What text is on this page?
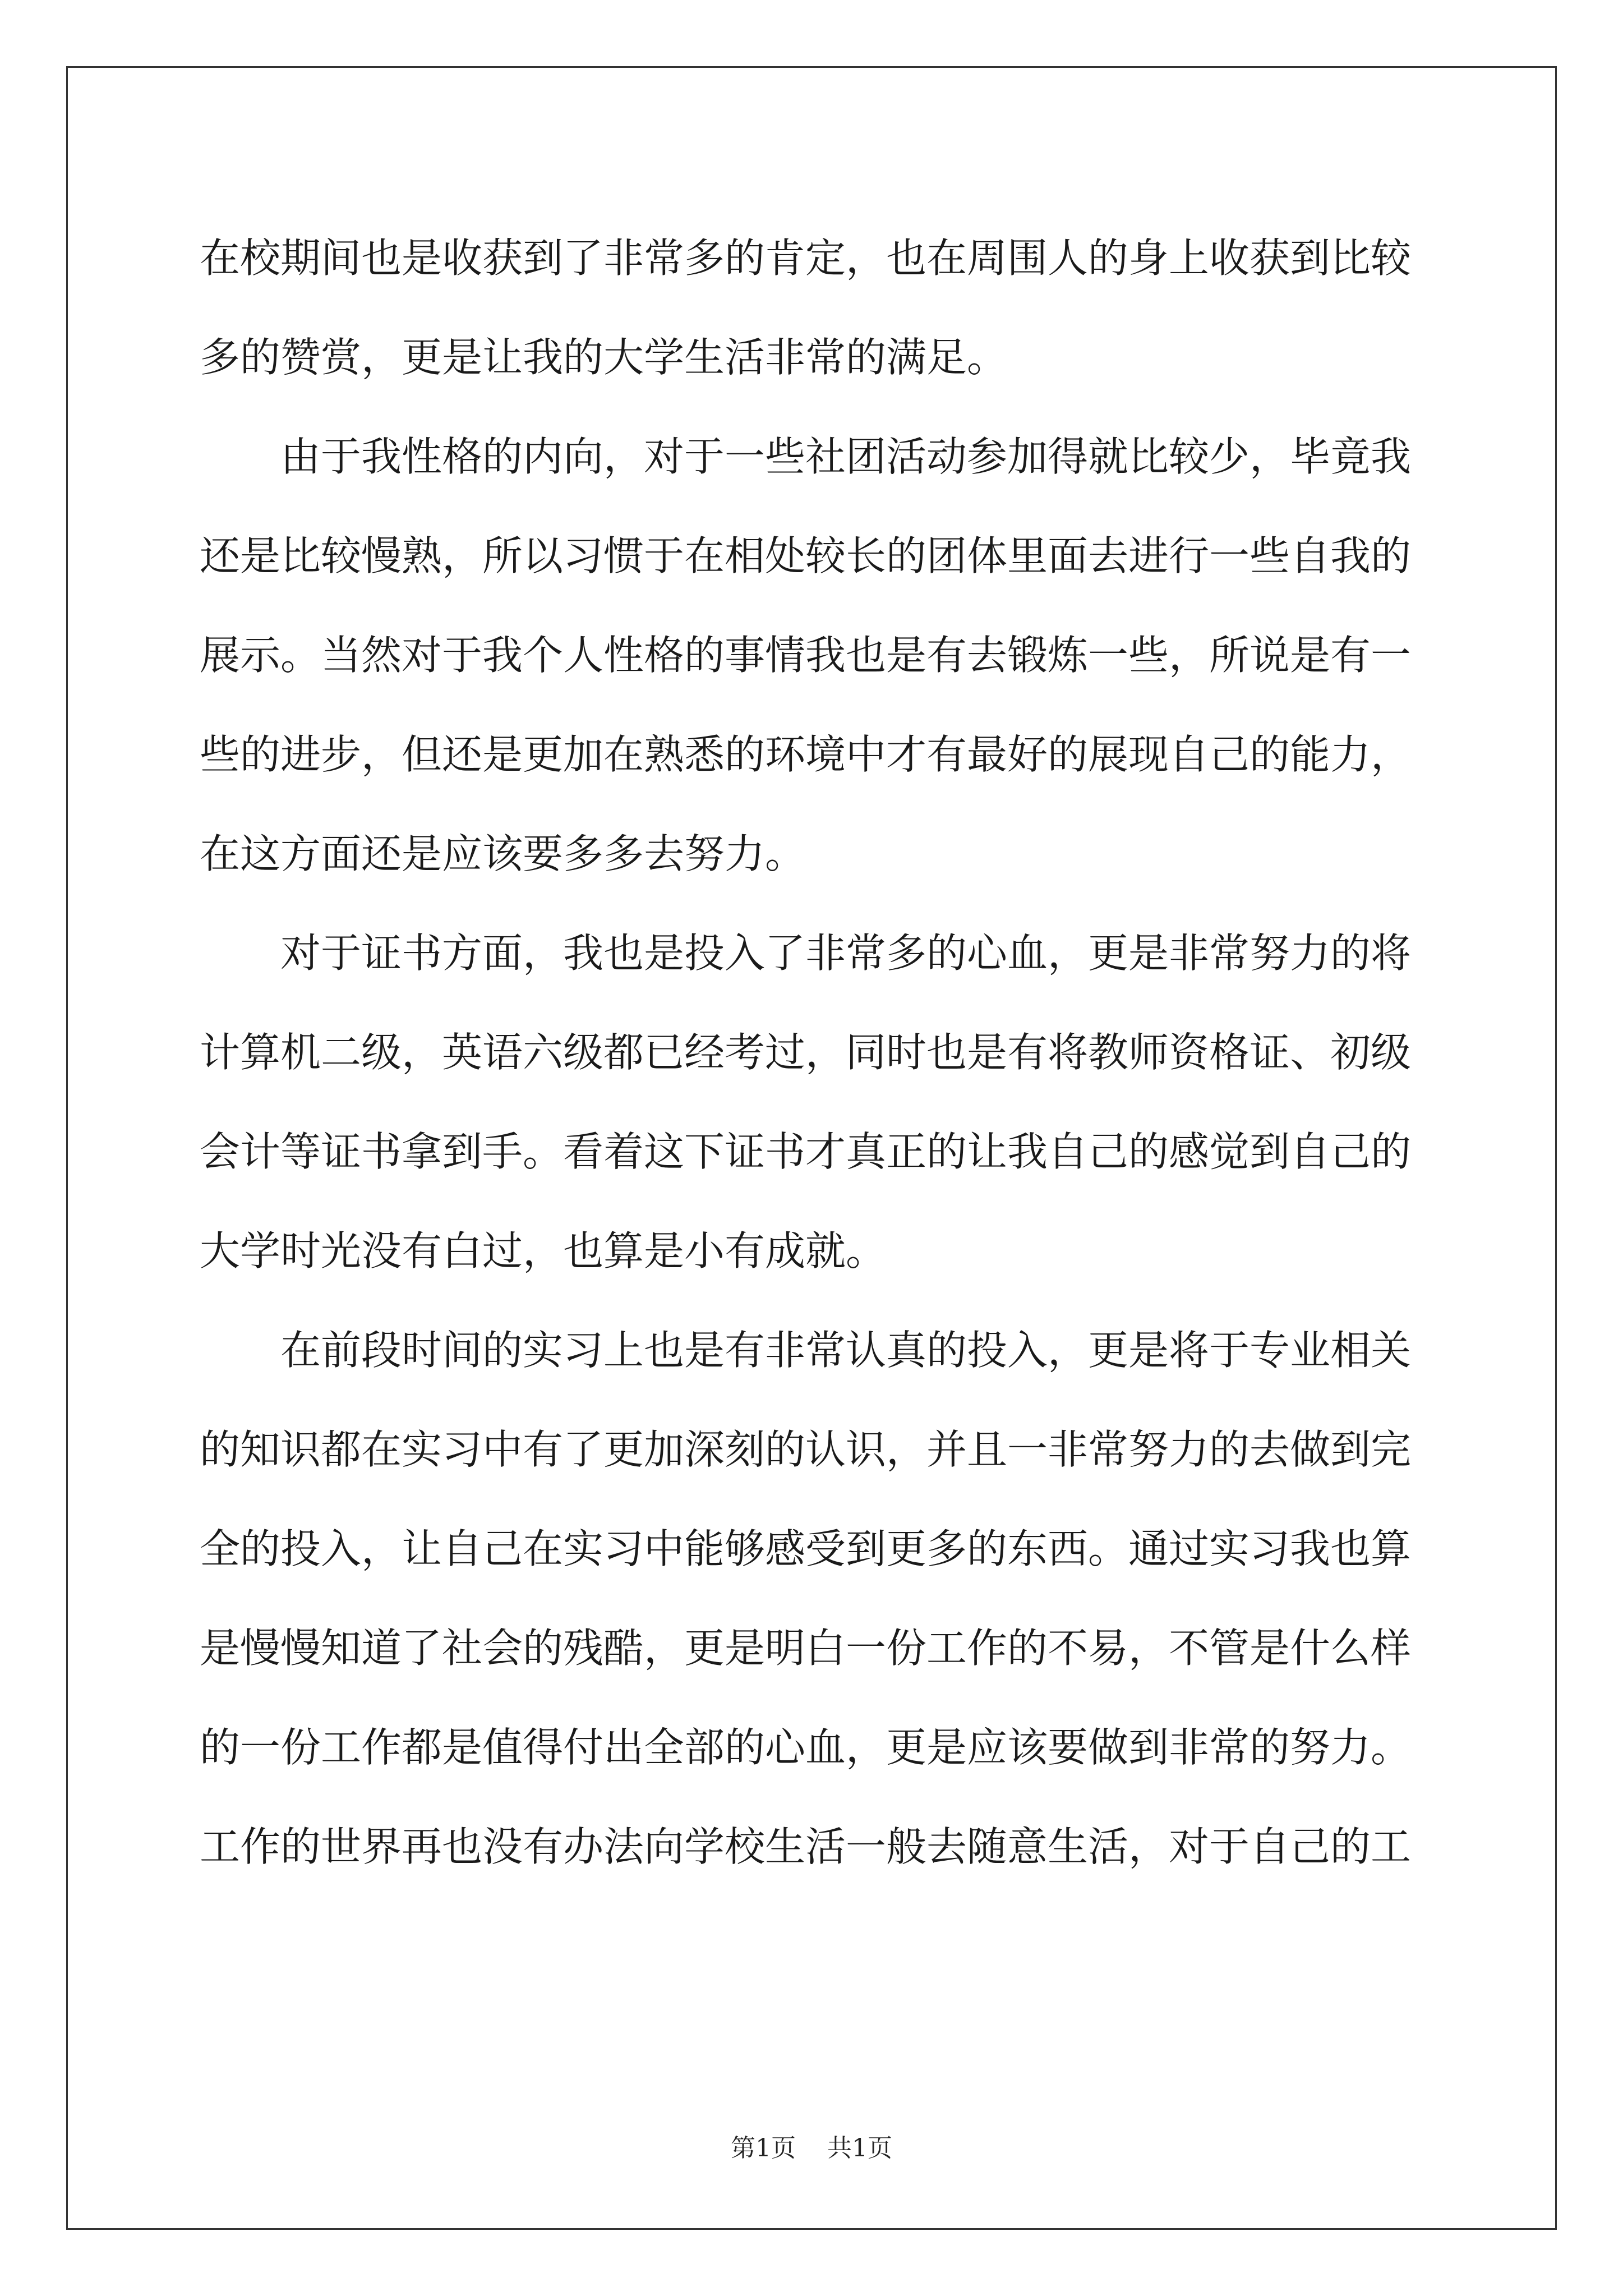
在校期间也是收获到了非常多的肯定，也在周围人的身上收获到比较
多的赞赏，更是让我的大学生活非常的满足。
由于我性格的内向，对于一些社团活动参加得就比较少，毕竟我
还是比较慢熟，所以习惯于在相处较长的团体里面去进行一些自我的
展示。当然对于我个人性格的事情我也是有去锻炼一些，所说是有一
些的进步，但还是更加在熟悉的环境中才有最好的展现自己的能力，
在这方面还是应该要多多去努力。
对于证书方面，我也是投入了非常多的心血，更是非常努力的将
计算机二级，英语六级都已经考过，同时也是有将教师资格证、初级
会计等证书拿到手。看着这下证书才真正的让我自己的感觉到自己的
大学时光没有白过，也算是小有成就。
在前段时间的实习上也是有非常认真的投入，更是将于专业相关
的知识都在实习中有了更加深刻的认识，并且一非常努力的去做到完
全的投入，让自己在实习中能够感受到更多的东西。通过实习我也算
是慢慢知道了社会的残酷，更是明白一份工作的不易，不管是什么样
的一份工作都是值得付出全部的心血，更是应该要做到非常的努力。
工作的世界再也没有办法向学校生活一般去随意生活，对于自己的工
第1页 共1页
